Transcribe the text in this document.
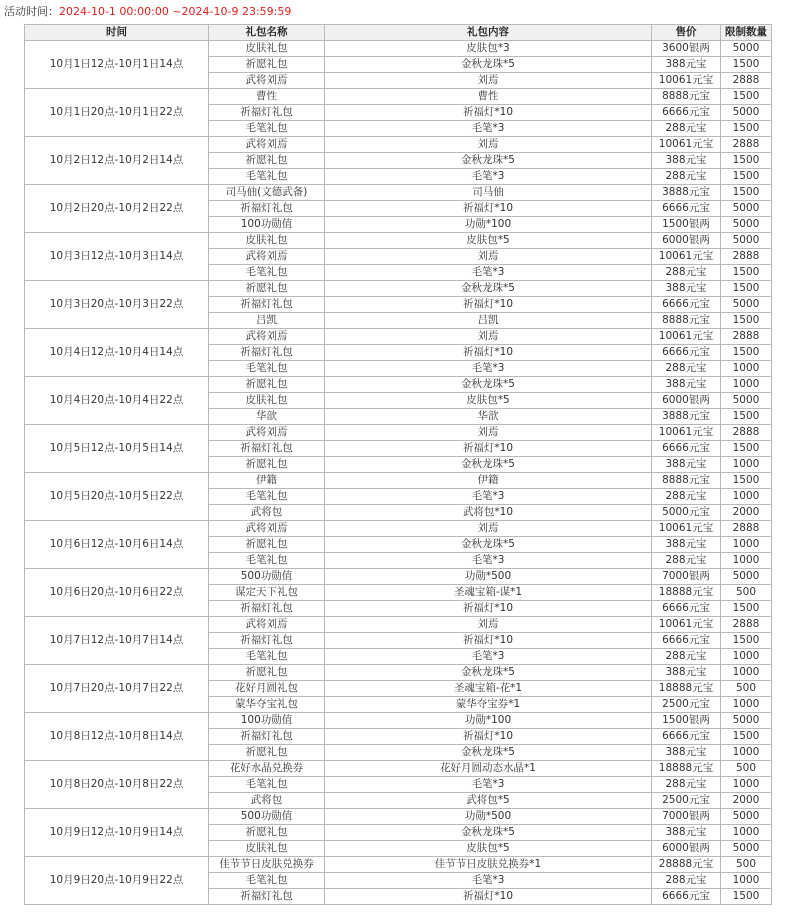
活动时间：2024-10-1 00:00:00 ~2024-10-9 23:59:59
时间	礼包名称	礼包内容	售价	限制数量
10月1日12点-10月1日14点	皮肤礼包	皮肤包*3	3600银两	5000
	祈愿礼包	金秋龙珠*5	388元宝	1500
	武将刘焉	刘焉	10061元宝	2888
10月1日20点-10月1日22点	曹性	曹性	8888元宝	1500
	祈福灯礼包	祈福灯*10	6666元宝	5000
	毛笔礼包	毛笔*3	288元宝	1500
10月2日12点-10月2日14点	武将刘焉	刘焉	10061元宝	2888
	祈愿礼包	金秋龙珠*5	388元宝	1500
	毛笔礼包	毛笔*3	288元宝	1500
10月2日20点-10月2日22点	司马伷(文德武备)	司马伷	3888元宝	1500
	祈福灯礼包	祈福灯*10	6666元宝	5000
	100功勋值	功勋*100	1500银两	5000
10月3日12点-10月3日14点	皮肤礼包	皮肤包*5	6000银两	5000
	武将刘焉	刘焉	10061元宝	2888
	毛笔礼包	毛笔*3	288元宝	1500
10月3日20点-10月3日22点	祈愿礼包	金秋龙珠*5	388元宝	1500
	祈福灯礼包	祈福灯*10	6666元宝	5000
	吕凯	吕凯	8888元宝	1500
10月4日12点-10月4日14点	武将刘焉	刘焉	10061元宝	2888
	祈福灯礼包	祈福灯*10	6666元宝	1500
	毛笔礼包	毛笔*3	288元宝	1000
10月4日20点-10月4日22点	祈愿礼包	金秋龙珠*5	388元宝	1000
	皮肤礼包	皮肤包*5	6000银两	5000
	华歆	华歆	3888元宝	1500
10月5日12点-10月5日14点	武将刘焉	刘焉	10061元宝	2888
	祈福灯礼包	祈福灯*10	6666元宝	1500
	祈愿礼包	金秋龙珠*5	388元宝	1000
10月5日20点-10月5日22点	伊籍	伊籍	8888元宝	1500
	毛笔礼包	毛笔*3	288元宝	1000
	武将包	武将包*10	5000元宝	2000
10月6日12点-10月6日14点	武将刘焉	刘焉	10061元宝	2888
	祈愿礼包	金秋龙珠*5	388元宝	1000
	毛笔礼包	毛笔*3	288元宝	1000
10月6日20点-10月6日22点	500功勋值	功勋*500	7000银两	5000
	谋定天下礼包	圣魂宝箱-谋*1	18888元宝	500
	祈福灯礼包	祈福灯*10	6666元宝	1500
10月7日12点-10月7日14点	武将刘焉	刘焉	10061元宝	2888
	祈福灯礼包	祈福灯*10	6666元宝	1500
	毛笔礼包	毛笔*3	288元宝	1000
10月7日20点-10月7日22点	祈愿礼包	金秋龙珠*5	388元宝	1000
	花好月圆礼包	圣魂宝箱-花*1	18888元宝	500
	蒙华夺宝礼包	蒙华夺宝券*1	2500元宝	1000
10月8日12点-10月8日14点	100功勋值	功勋*100	1500银两	5000
	祈福灯礼包	祈福灯*10	6666元宝	1500
	祈愿礼包	金秋龙珠*5	388元宝	1000
10月8日20点-10月8日22点	花好水晶兑换券	花好月圆动态水晶*1	18888元宝	500
	毛笔礼包	毛笔*3	288元宝	1000
	武将包	武将包*5	2500元宝	2000
10月9日12点-10月9日14点	500功勋值	功勋*500	7000银两	5000
	祈愿礼包	金秋龙珠*5	388元宝	1000
	皮肤礼包	皮肤包*5	6000银两	5000
10月9日20点-10月9日22点	佳节节日皮肤兑换券	佳节节日皮肤兑换券*1	28888元宝	500
	毛笔礼包	毛笔*3	288元宝	1000
	祈福灯礼包	祈福灯*10	6666元宝	1500
